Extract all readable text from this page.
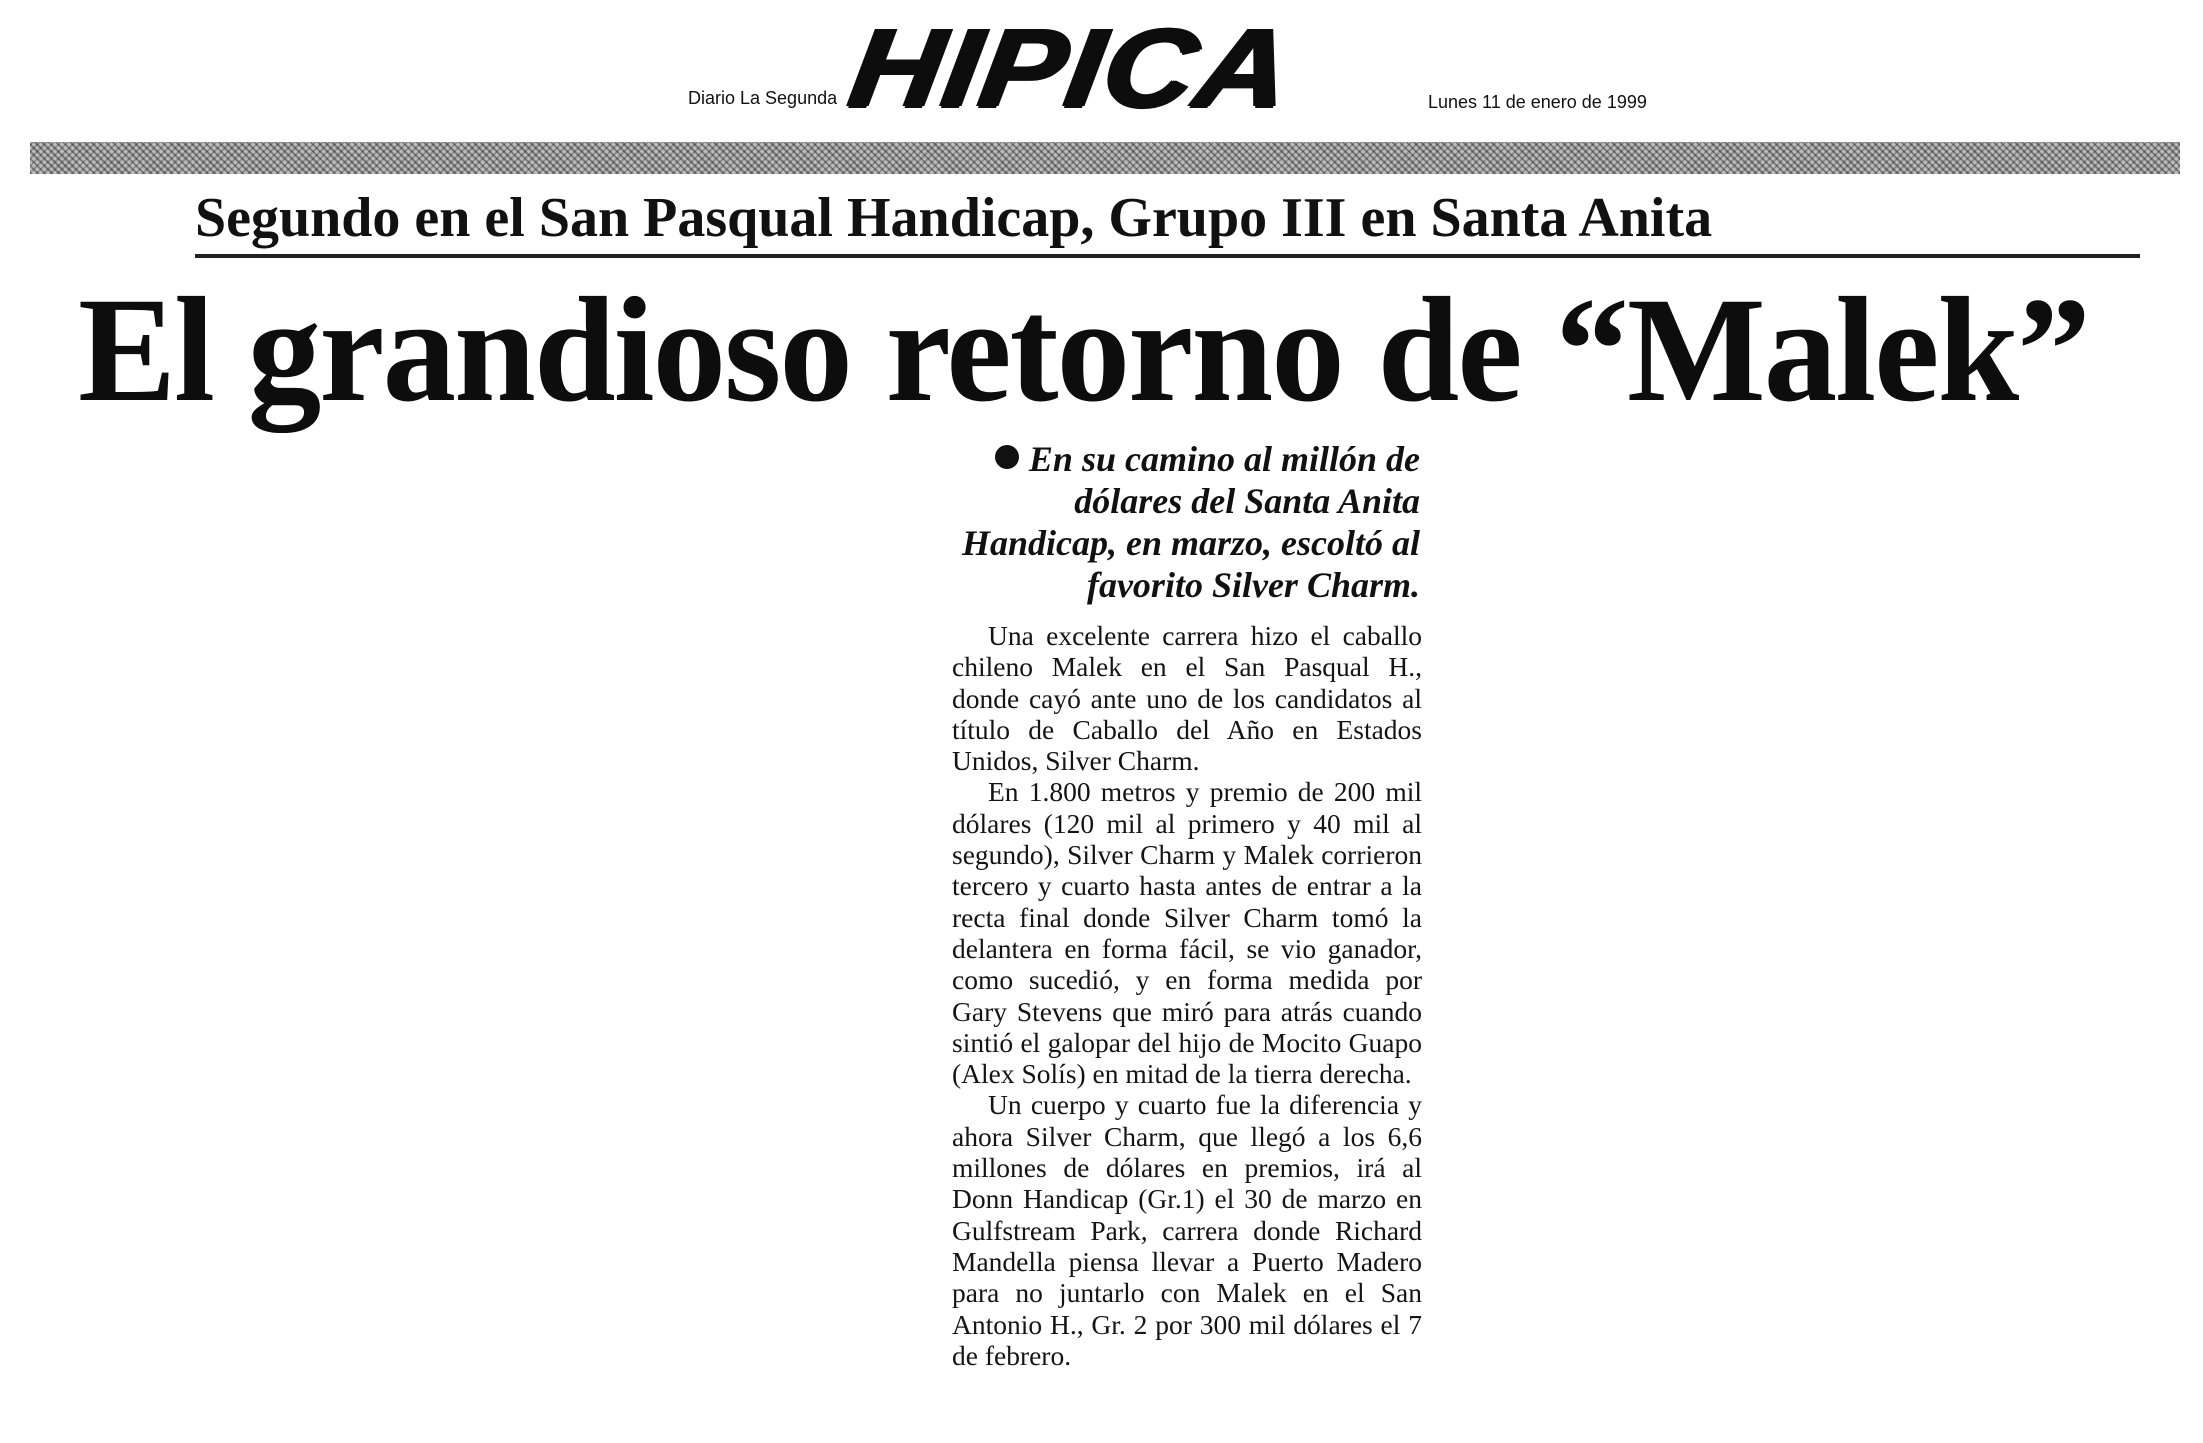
Diario La Segunda HIPICA	Lunes 11 de enero de 1999
Segundo en el San Pasqual Handicap, Grupo III en Santa Anita
El grandioso retorno de “Malek”
En su camino al millón de dólares del Santa Anita Handicap, en marzo, escoltó al favorito Silver Charm.

Una excelente carrera hizo el caballo chileno Malek en el San Pasqual H., donde cayó ante uno de los candidatos al título de Caballo del Año en Estados Unidos, Silver Charm.

En 1.800 metros y premio de 200 mil dólares (120 mil al primero y 40 mil al segundo), Silver Charm y Malek corrieron tercero y cuarto hasta antes de entrar a la recta final donde Silver Charm tomó la delantera en forma fácil, se vio ganador, como sucedió, y en forma medida por Gary Stevens que miró para atrás cuando sintió el galopar del hijo de Mocito Guapo (Alex Solís) en mitad de la tierra derecha.

Un cuerpo y cuarto fue la diferencia y ahora Silver Charm, que llegó a los 6,6 millones de dólares en premios, irá al Donn Handicap (Gr.1) el 30 de marzo en Gulfstream Park, carrera donde Richard Mandella piensa llevar a Puerto Madero para no juntarlo con Malek en el San Antonio H., Gr. 2 por 300 mil dólares el 7 de febrero.
